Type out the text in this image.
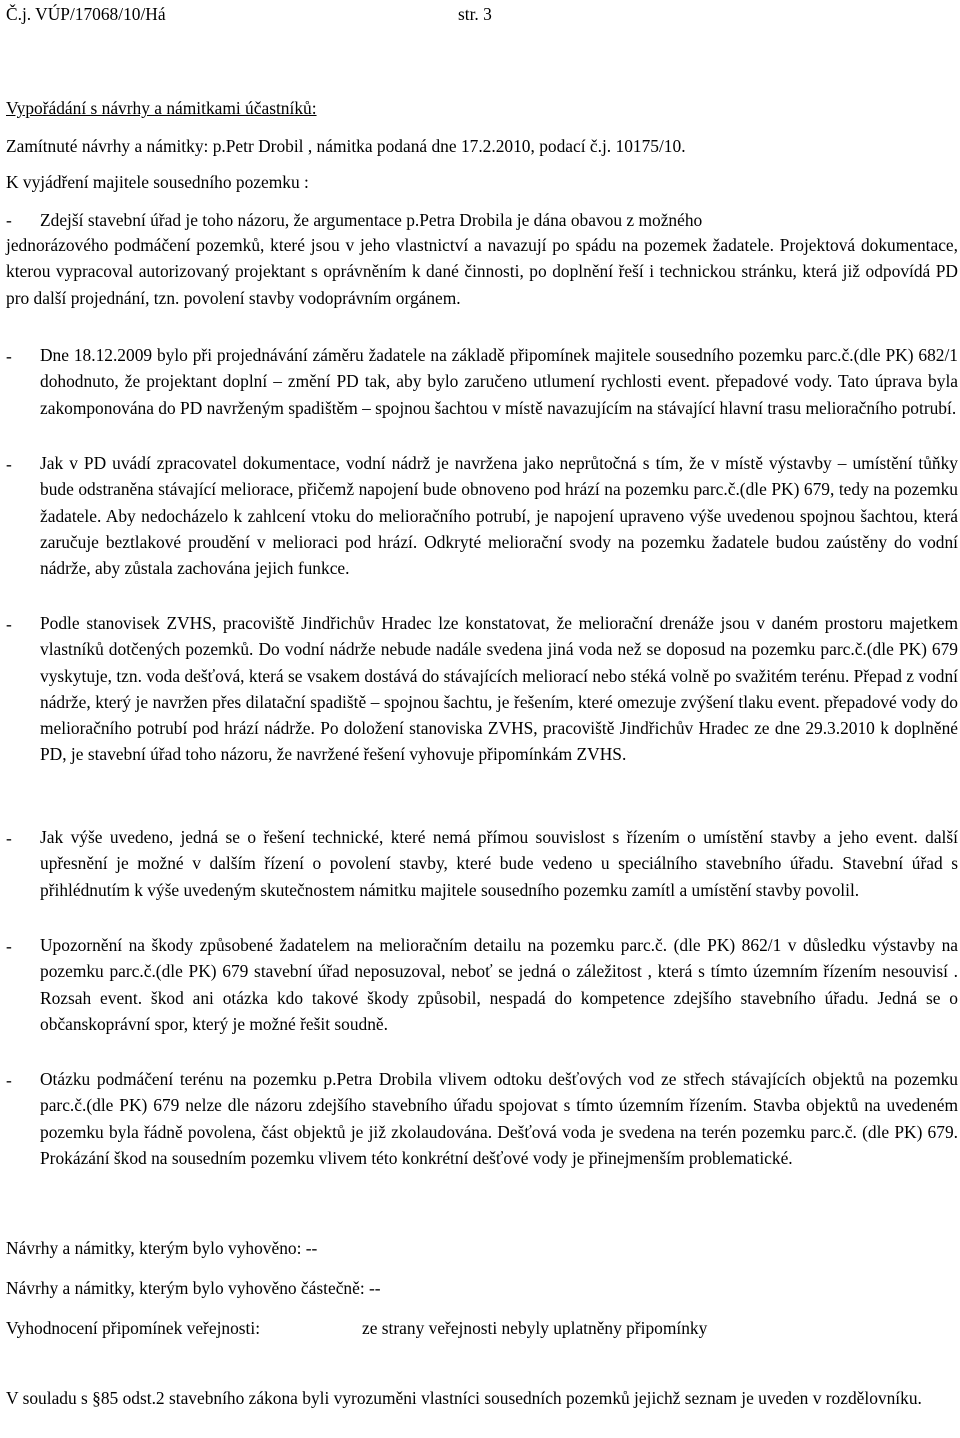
Č.j. VÚP/17068/10/Há	str. 3
Vypořádání s návrhy a námitkami účastníků:
Zamítnuté návrhy a námitky: p.Petr Drobil , námitka podaná dne 17.2.2010, podací č.j. 10175/10.
K vyjádření majitele sousedního pozemku :
- Zdejší stavební úřad je toho názoru, že argumentace p.Petra Drobila je dána obavou z možného
jednorázového podmáčení pozemků, které jsou v jeho vlastnictví a navazují po spádu na pozemek žadatele. Projektová dokumentace, kterou vypracoval autorizovaný projektant s oprávněním k dané činnosti, po doplnění řeší i technickou stránku, která již odpovídá PD pro další projednání, tzn. povolení stavby vodoprávním orgánem.
- Dne 18.12.2009 bylo při projednávání záměru žadatele na základě připomínek majitele sousedního pozemku parc.č.(dle PK) 682/1 dohodnuto, že projektant doplní – změní PD tak, aby bylo zaručeno utlumení rychlosti event. přepadové vody. Tato úprava byla zakomponována do PD navrženým spadištěm – spojnou šachtou v místě navazujícím na stávající hlavní trasu melioračního potrubí.
- Jak v PD uvádí zpracovatel dokumentace, vodní nádrž je navržena jako neprůtočná s tím, že v místě výstavby – umístění tůňky bude odstraněna stávající meliorace, přičemž napojení bude obnoveno pod hrází na pozemku parc.č.(dle PK) 679, tedy na pozemku žadatele. Aby nedocházelo k zahlcení vtoku do melioračního potrubí, je napojení upraveno výše uvedenou spojnou šachtou, která zaručuje beztlakové proudění v melioraci pod hrází. Odkryté meliorační svody na pozemku žadatele budou zaústěny do vodní nádrže, aby zůstala zachována jejich funkce.
- Podle stanovisek ZVHS, pracoviště Jindřichův Hradec lze konstatovat, že meliorační drenáže jsou v daném prostoru majetkem vlastníků dotčených pozemků. Do vodní nádrže nebude nadále svedena jiná voda než se doposud na pozemku parc.č.(dle PK) 679 vyskytuje, tzn. voda dešťová, která se vsakem dostává do stávajících meliorací nebo stéká volně po svažitém terénu. Přepad z vodní nádrže, který je navržen přes dilatační spadiště – spojnou šachtu, je řešením, které omezuje zvýšení tlaku event. přepadové vody do melioračního potrubí pod hrází nádrže. Po doložení stanoviska ZVHS, pracoviště Jindřichův Hradec ze dne 29.3.2010 k doplněné PD, je stavební úřad toho názoru, že navržené řešení vyhovuje připomínkám ZVHS.
- Jak výše uvedeno, jedná se o řešení technické, které nemá přímou souvislost s řízením o umístění stavby a jeho event. další upřesnění je možné v dalším řízení o povolení stavby, které bude vedeno u speciálního stavebního úřadu. Stavební úřad s přihlédnutím k výše uvedeným skutečnostem námitku majitele sousedního pozemku zamítl a umístění stavby povolil.
- Upozornění na škody způsobené žadatelem na melioračním detailu na pozemku parc.č. (dle PK) 862/1 v důsledku výstavby na pozemku parc.č.(dle PK) 679 stavební úřad neposuzoval, neboť se jedná o záležitost , která s tímto územním řízením nesouvisí . Rozsah event. škod ani otázka kdo takové škody způsobil, nespadá do kompetence zdejšího stavebního úřadu. Jedná se o občanskoprávní spor, který je možné řešit soudně.
- Otázku podmáčení terénu na pozemku p.Petra Drobila vlivem odtoku dešťových vod ze střech stávajících objektů na pozemku parc.č.(dle PK) 679 nelze dle názoru zdejšího stavebního úřadu spojovat s tímto územním řízením. Stavba objektů na uvedeném pozemku byla řádně povolena, část objektů je již zkolaudována. Dešťová voda je svedena na terén pozemku parc.č. (dle PK) 679. Prokázání škod na sousedním pozemku vlivem této konkrétní dešťové vody je přinejmenším problematické.
Návrhy a námitky, kterým bylo vyhověno: --
Návrhy a námitky, kterým bylo vyhověno částečně: --
Vyhodnocení připomínek veřejnosti:	ze strany veřejnosti nebyly uplatněny připomínky
V souladu s §85 odst.2 stavebního zákona byli vyrozuměni vlastníci sousedních pozemků jejichž seznam je uveden v rozdělovníku.
